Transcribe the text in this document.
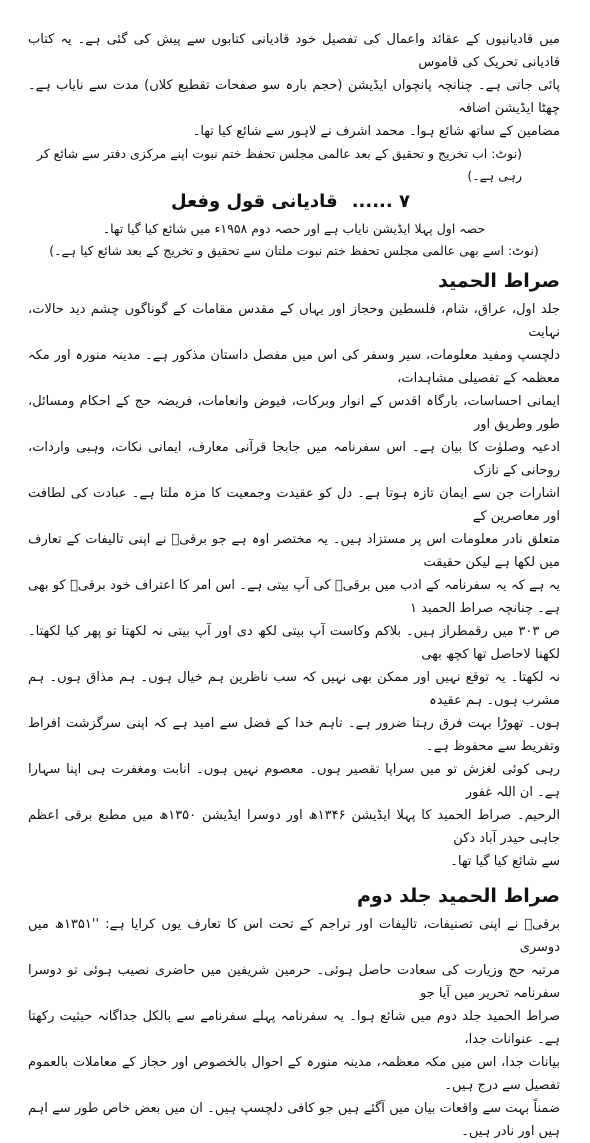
میں قادیانیوں کے عقائد واعمال کی تفصیل خود قادیانی کتابوں سے پیش کی گئی ہے۔ یہ کتاب قادیانی تحریک کی قاموس

پائی جاتی ہے۔ چنانچہ پانچواں ایڈیشن (حجم بارہ سو صفحات تقطیع کلاں) مدت سے نایاب ہے۔ چھٹا ایڈیشن اضافہ

مضامین کے ساتھ شائع ہوا۔ محمد اشرف نے لاہور سے شائع کیا تھا۔

(نوٹ: اب تخریج و تحقیق کے بعد عالمی مجلس تحفظ ختم نبوت اپنے مرکزی دفتر سے شائع کر رہی ہے۔)

۷ ......
قادیانی قول وفعل

حصہ اول پہلا ایڈیشن نایاب ہے اور حصہ دوم ۱۹۵۸ء میں شائع کیا گیا تھا۔

(نوٹ: اسے بھی عالمی مجلس تحفظ ختم نبوت ملتان سے تحقیق و تخریج کے بعد شائع کیا ہے۔)

صراط الحمید

جلد اول، عراق، شام، فلسطین وحجاز اور یہاں کے مقدس مقامات کے گوناگوں چشم دید حالات، نہایت

دلچسپ ومفید معلومات، سیر وسفر کی اس میں مفصل داستان مذکور ہے۔ مدینہ منورہ اور مکہ معظمہ کے تفصیلی مشاہدات،

ایمانی احساسات، بارگاہ اقدس کے انوار وبرکات، فیوض وانعامات، فریضہ حج کے احکام ومسائل، طور وطریق اور

ادعیہ وصلوٰت کا بیان ہے۔ اس سفرنامہ میں جابجا قرآنی معارف، ایمانی نکات، وہبی واردات، روحانی کے نازک

اشارات جن سے ایمان تازہ ہوتا ہے۔ دل کو عقیدت وجمعیت کا مزہ ملتا ہے۔ عبادت کی لطافت اور معاصرین کے

متعلق نادر معلومات اس پر مستزاد ہیں۔ یہ مختصر اوہ ہے جو برقیؒ نے اپنی تالیفات کے تعارف میں لکھا ہے لیکن حقیقت

یہ ہے کہ یہ سفرنامہ کے ادب میں برقیؒ کی آپ بیتی ہے۔ اس امر کا اعتراف خود برقیؒ کو بھی ہے۔ چنانچہ صراط الحمید ۱

ص ۳۰۳ میں رقمطراز ہیں۔ بلاکم وکاست آپ بیتی لکھ دی اور آپ بیتی نہ لکھتا تو پھر کیا لکھتا۔ لکھنا لاحاصل تھا کچھ بھی

نہ لکھتا۔ یہ توقع نہیں اور ممکن بھی نہیں کہ سب ناظرین ہم خیال ہوں۔ ہم مذاق ہوں۔ ہم مشرب ہوں۔ ہم عقیدہ

ہوں۔ تھوڑا بہت فرق رہتا ضرور ہے۔ تاہم خدا کے فضل سے امید ہے کہ اپنی سرگزشت افراط وتفریط سے محفوظ ہے۔

رہی کوئی لغزش تو میں سراپا تقصیر ہوں۔ معصوم نہیں ہوں۔ انابت ومغفرت ہی اپنا سہارا ہے۔ ان اللہ غفور

الرحیم۔ صراط الحمید کا پہلا ایڈیشن ۱۳۴۶ھ اور دوسرا ایڈیشن ۱۳۵۰ھ میں مطبع برقی اعظم جاہی حیدر آباد دکن

سے شائع کیا گیا تھا۔

صراط الحمید جلد دوم

برقیؒ نے اپنی تصنیفات، تالیفات اور تراجم کے تحت اس کا تعارف یوں کرایا ہے: ''۱۳۵۱ھ میں دوسری

مرتبہ حج وزیارت کی سعادت حاصل ہوئی۔ حرمین شریفین میں حاضری نصیب ہوئی تو دوسرا سفرنامہ تحریر میں آیا جو

صراط الحمید جلد دوم میں شائع ہوا۔ یہ سفرنامہ پہلے سفرنامے سے بالکل جداگانہ حیثیت رکھتا ہے۔ عنوانات جدا،

بیانات جدا، اس میں مکہ معظمہ، مدینہ منورہ کے احوال بالخصوص اور حجاز کے معاملات بالعموم تفصیل سے درج ہیں۔

ضمناً بہت سے واقعات بیان میں آگئے ہیں جو کافی دلچسپ ہیں۔ ان میں بعض خاص طور سے اہم ہیں اور نادر ہیں۔
